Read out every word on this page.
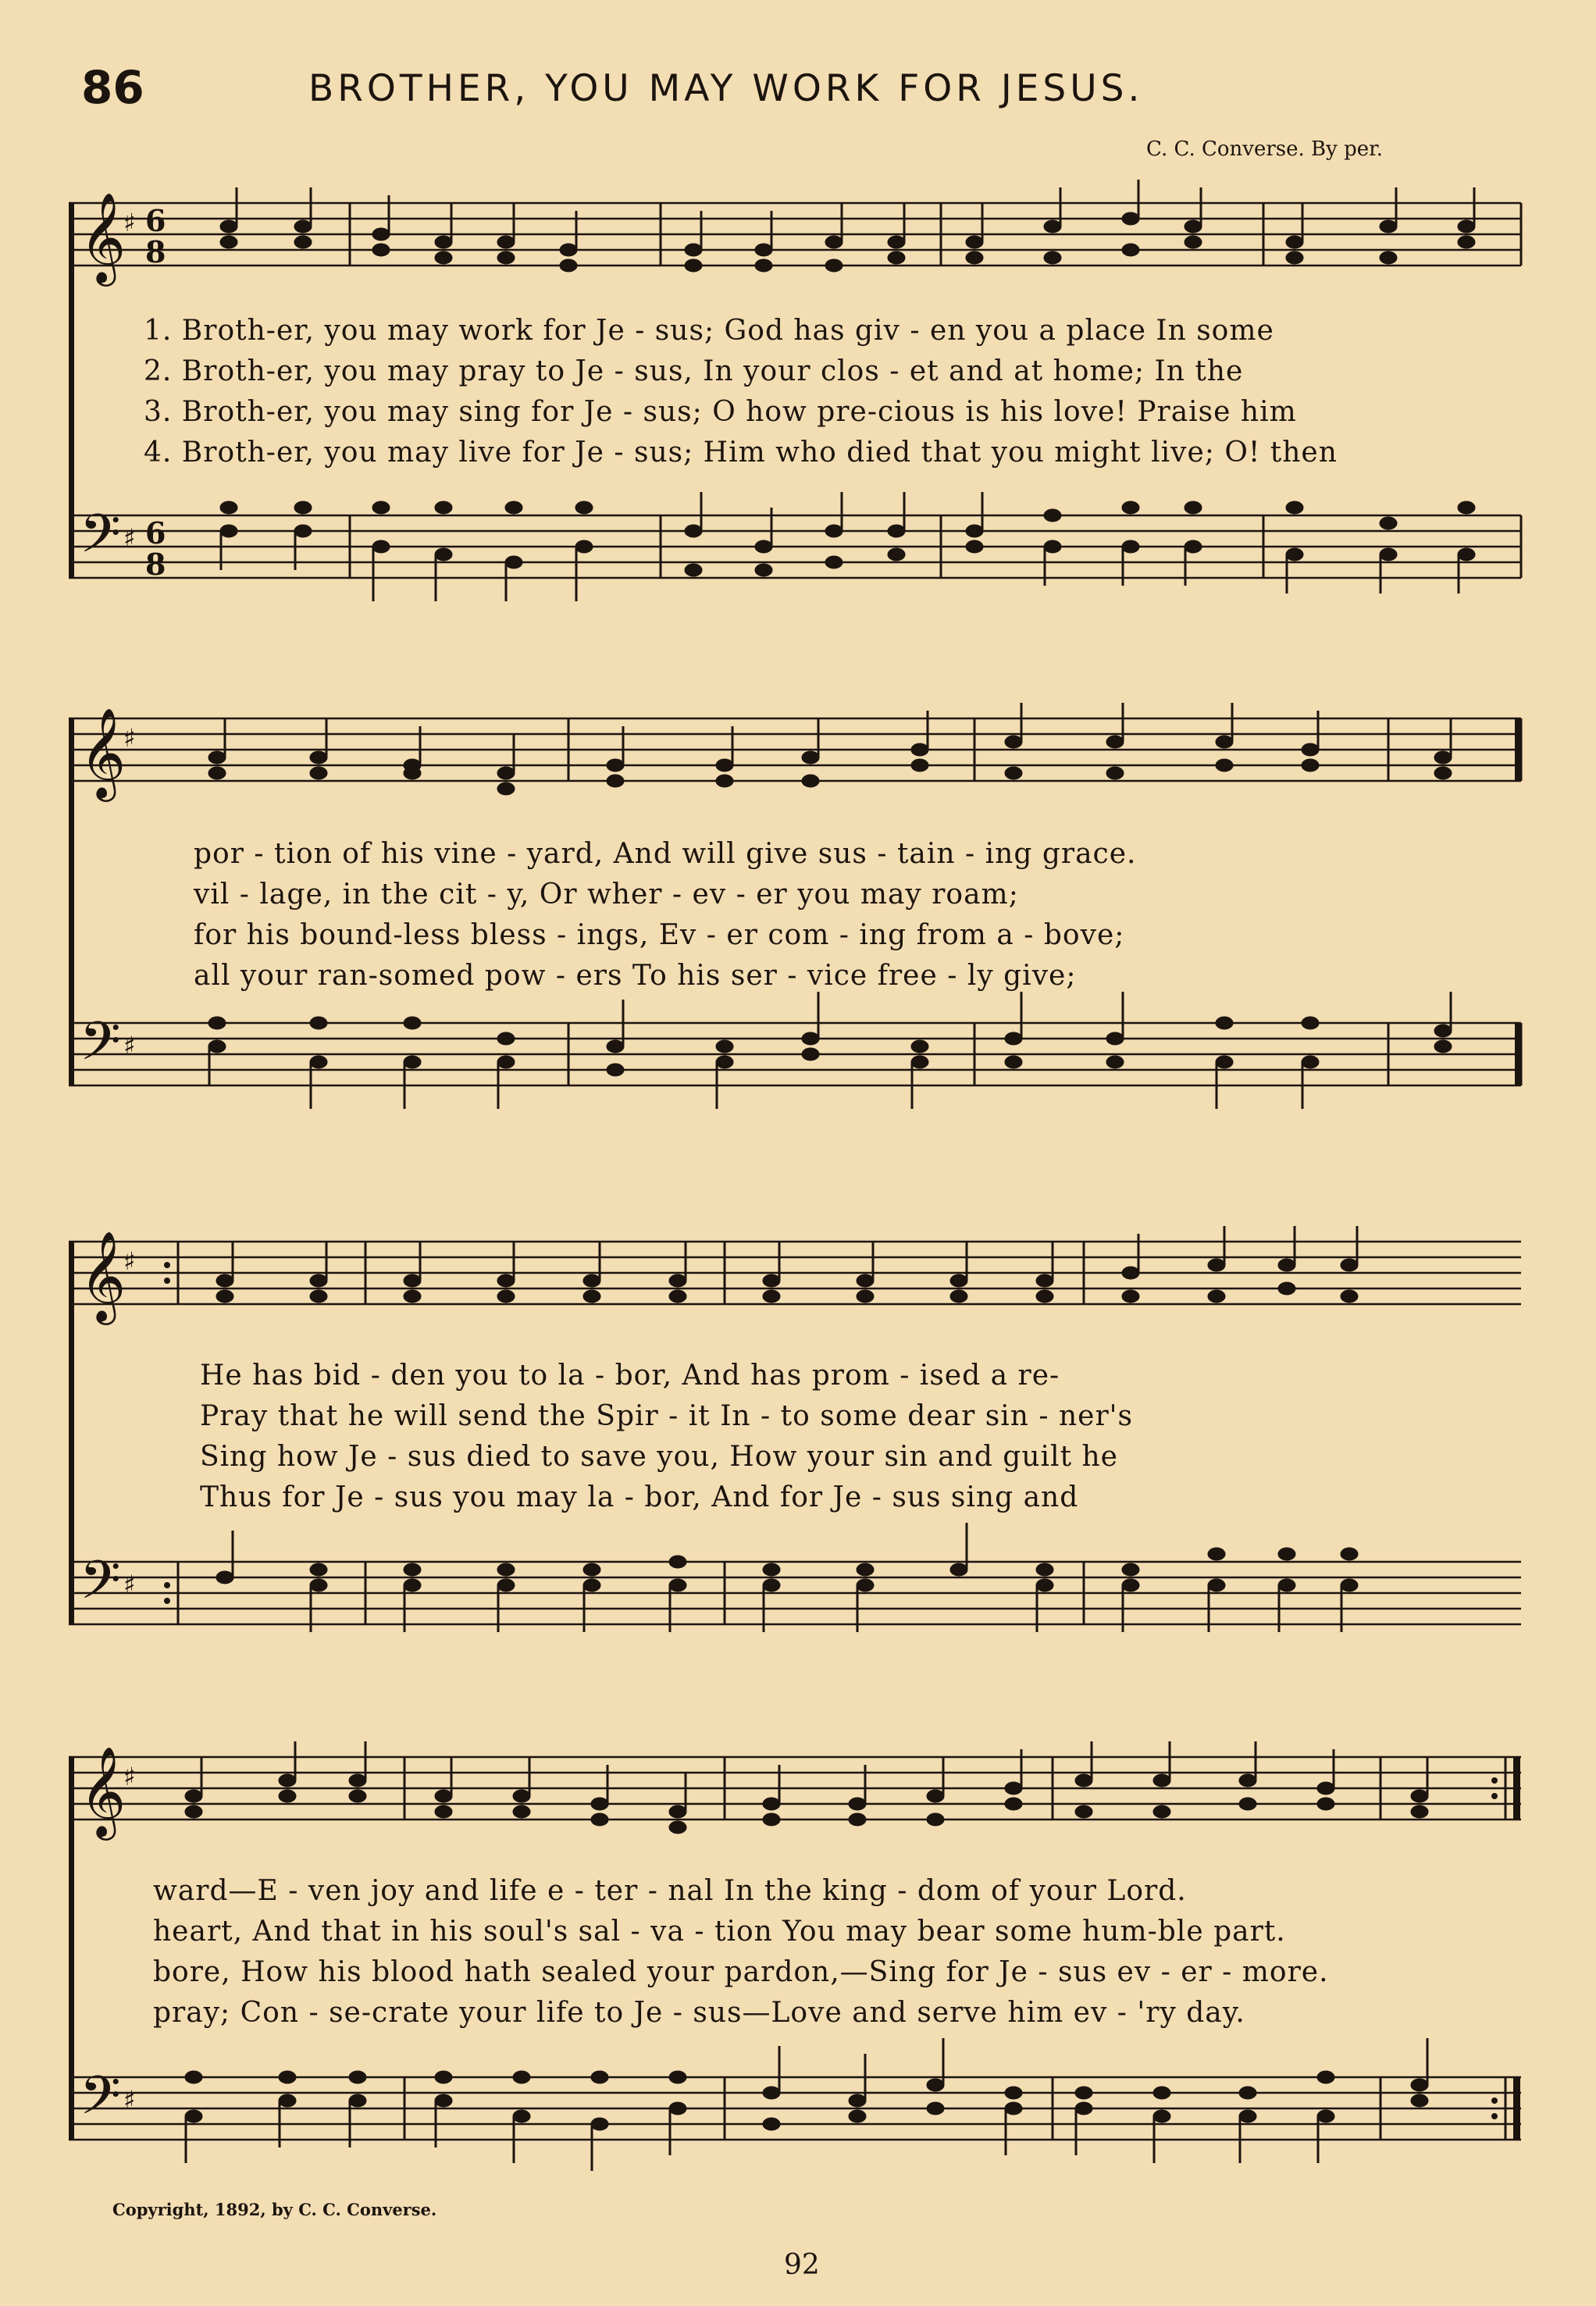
86	BROTHER, YOU MAY WORK FOR JESUS.
C. C. Converse. By per.
𝄞
𝄢
♯
♯
6
8
6
8
1. Broth-er, you may work for Je - sus; God has giv - en you a place In some
2. Broth-er, you may pray to Je - sus, In your clos - et and at home; In the
3. Broth-er, you may sing for Je - sus; O how pre-cious is his love! Praise him
4. Broth-er, you may live for Je - sus; Him who died that you might live; O! then
𝄞
𝄢
♯
♯
por - tion of his vine - yard, And will give sus - tain - ing grace.
vil - lage, in the cit - y, Or wher - ev - er you may roam;
for his bound-less bless - ings, Ev - er com - ing from a - bove;
all your ran-somed pow - ers To his ser - vice free - ly give;
𝄞
𝄢
♯
♯
He has bid - den you to la - bor, And has prom - ised a re-
Pray that he will send the Spir - it In - to some dear sin - ner's
Sing how Je - sus died to save you, How your sin and guilt he
Thus for Je - sus you may la - bor, And for Je - sus sing and
𝄞
𝄢
♯
♯
ward—E - ven joy and life e - ter - nal In the king - dom of your Lord.
heart, And that in his soul's sal - va - tion You may bear some hum-ble part.
bore, How his blood hath sealed your pardon,—Sing for Je - sus ev - er - more.
pray; Con - se-crate your life to Je - sus—Love and serve him ev - 'ry day.
Copyright, 1892, by C. C. Converse.
92
